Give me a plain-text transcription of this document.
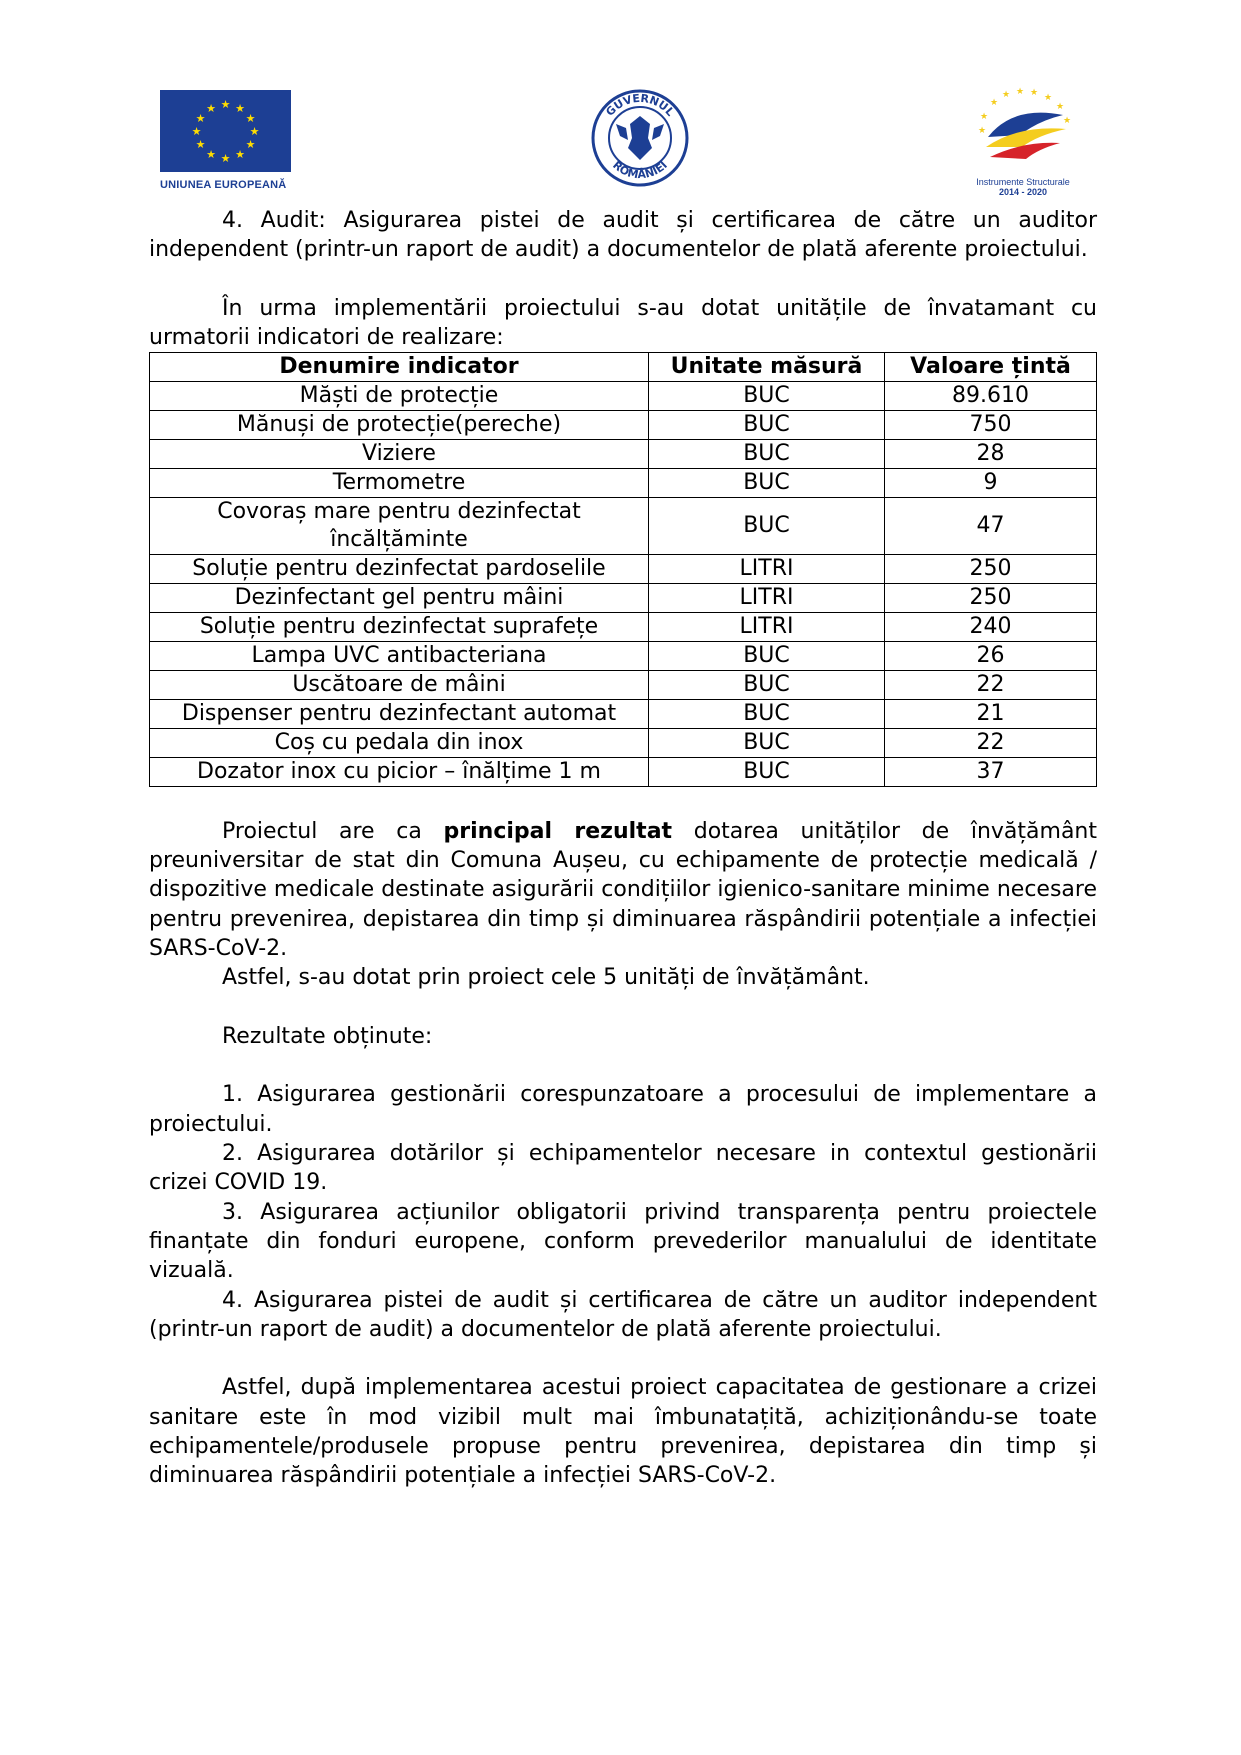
★ ★
★
★
★
★
★
★
★
★
★
★
UNIUNEA EUROPEANĂ
GUVERNUL
ROMÂNIEI
★
★ ★ ★ ★
★
★
★
★
Instrumente Structurale
2014 - 2020

4. Audit: Asigurarea pistei de audit și certificarea de către un auditor independent (printr-un raport de audit) a documentelor de plată aferente proiectului.

În urma implementării proiectului s-au dotat unitățile de învatamant cu urmatorii indicatori de realizare:

Denumire indicator	Unitate măsură	Valoare țintă
Măști de protecție	BUC	89.610
Mănuși de protecție(pereche)	BUC	750
Viziere	BUC	28
Termometre	BUC	9
Covoraș mare pentru dezinfectat încălțăminte	BUC	47
Soluție pentru dezinfectat pardoselile	LITRI	250
Dezinfectant gel pentru mâini	LITRI	250
Soluție pentru dezinfectat suprafețe	LITRI	240
Lampa UVC antibacteriana	BUC	26
Uscătoare de mâini	BUC	22
Dispenser pentru dezinfectant automat	BUC	21
Coș cu pedala din inox	BUC	22
Dozator inox cu picior – înălțime 1 m	BUC	37

Proiectul are ca principal rezultat dotarea unităților de învățământ preuniversitar de stat din Comuna Aușeu, cu echipamente de protecție medicală / dispozitive medicale destinate asigurării condițiilor igienico-sanitare minime necesare pentru prevenirea, depistarea din timp și diminuarea răspândirii potențiale a infecției SARS-CoV-2.

Astfel, s-au dotat prin proiect cele 5 unități de învățământ.

Rezultate obținute:

1. Asigurarea gestionării corespunzatoare a procesului de implementare a proiectului.

2. Asigurarea dotărilor și echipamentelor necesare in contextul gestionării crizei COVID 19.

3. Asigurarea acțiunilor obligatorii privind transparența pentru proiectele finanțate din fonduri europene, conform prevederilor manualului de identitate vizuală.

4. Asigurarea pistei de audit și certificarea de către un auditor independent (printr-un raport de audit) a documentelor de plată aferente proiectului.

Astfel, după implementarea acestui proiect capacitatea de gestionare a crizei sanitare este în mod vizibil mult mai îmbunatațită, achiziționându-se toate echipamentele/produsele propuse pentru prevenirea, depistarea din timp și diminuarea răspândirii potențiale a infecției SARS-CoV-2.
